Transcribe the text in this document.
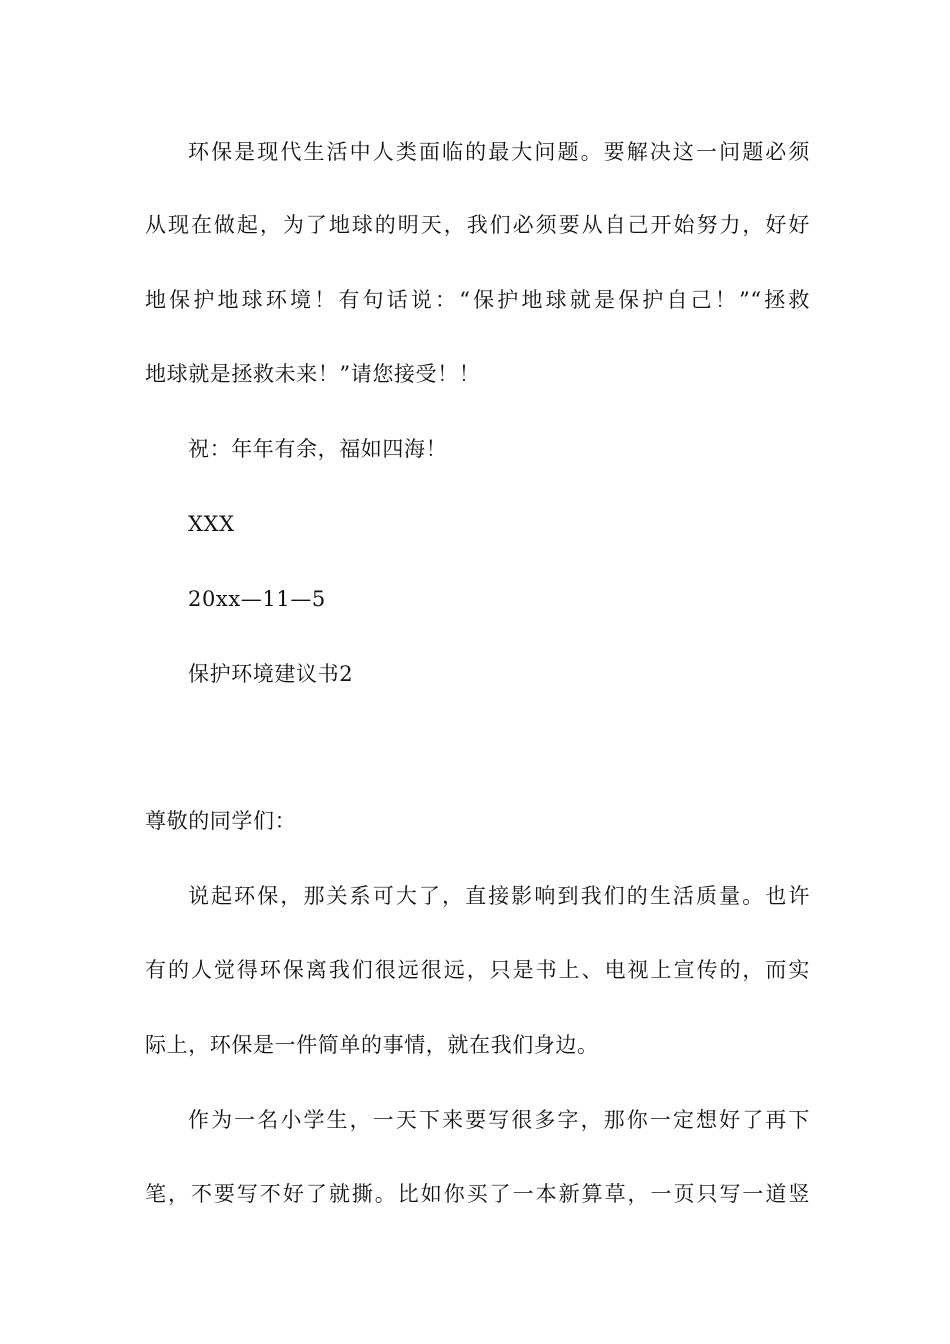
环保是现代生活中人类面临的最大问题。要解决这一问题必须
从现在做起，为了地球的明天，我们必须要从自己开始努力，好好
地保护地球环境！有句话说：“保护地球就是保护自己！”“拯救
地球就是拯救未来！”请您接受！！
祝：年年有余，福如四海！
XXX
20xx—11—5
保护环境建议书2
尊敬的同学们：
说起环保，那关系可大了，直接影响到我们的生活质量。也许
有的人觉得环保离我们很远很远，只是书上、电视上宣传的，而实
际上，环保是一件简单的事情，就在我们身边。
作为一名小学生，一天下来要写很多字，那你一定想好了再下
笔，不要写不好了就撕。比如你买了一本新算草，一页只写一道竖
